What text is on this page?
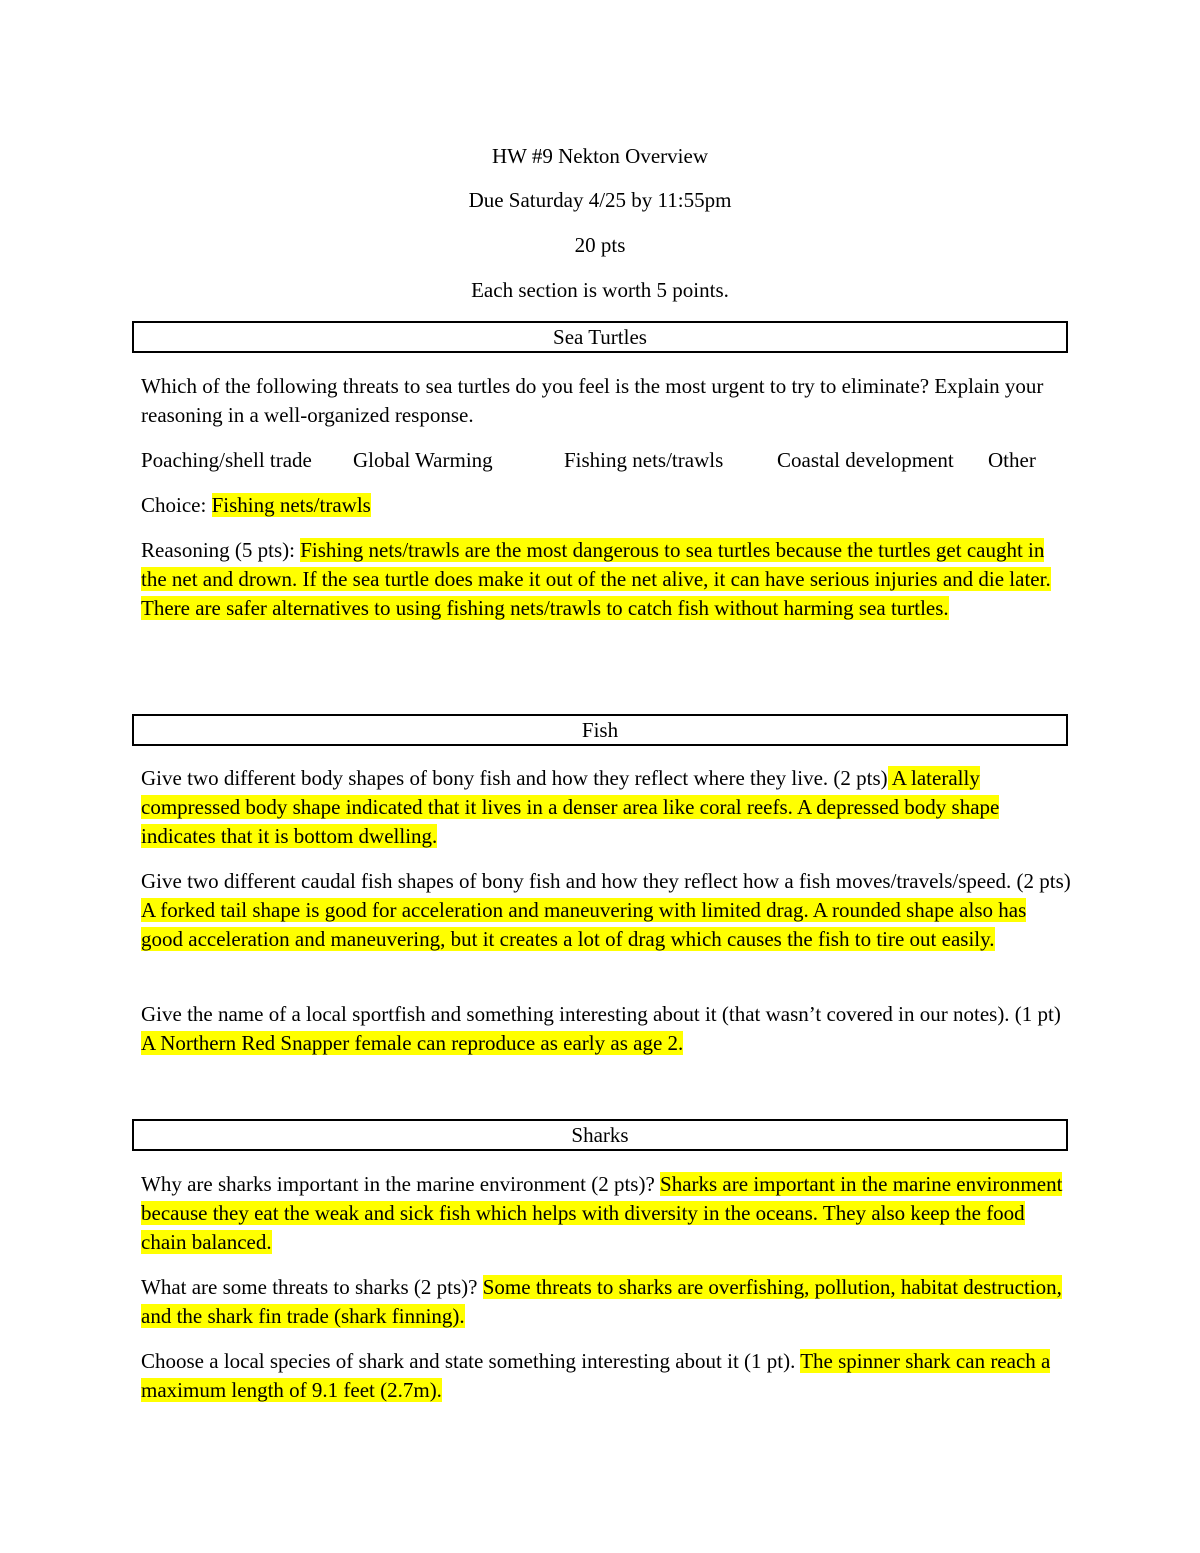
HW #9 Nekton Overview
Due Saturday 4/25 by 11:55pm
20 pts
Each section is worth 5 points.
Sea Turtles
Which of the following threats to sea turtles do you feel is the most urgent to try to eliminate? Explain your reasoning in a well-organized response.
Poaching/shell trade Global Warming	Fishing nets/trawls	Coastal development Other
Choice: Fishing nets/trawls
Reasoning (5 pts): Fishing nets/trawls are the most dangerous to sea turtles because the turtles get caught in the net and drown. If the sea turtle does make it out of the net alive, it can have serious injuries and die later. There are safer alternatives to using fishing nets/trawls to catch fish without harming sea turtles.
Fish
Give two different body shapes of bony fish and how they reflect where they live. (2 pts) A laterally compressed body shape indicated that it lives in a denser area like coral reefs. A depressed body shape indicates that it is bottom dwelling.
Give two different caudal fish shapes of bony fish and how they reflect how a fish moves/travels/speed. (2 pts) A forked tail shape is good for acceleration and maneuvering with limited drag. A rounded shape also has good acceleration and maneuvering, but it creates a lot of drag which causes the fish to tire out easily.
Give the name of a local sportfish and something interesting about it (that wasn’t covered in our notes). (1 pt) A Northern Red Snapper female can reproduce as early as age 2.
Sharks
Why are sharks important in the marine environment (2 pts)? Sharks are important in the marine environment because they eat the weak and sick fish which helps with diversity in the oceans. They also keep the food chain balanced.
What are some threats to sharks (2 pts)? Some threats to sharks are overfishing, pollution, habitat destruction, and the shark fin trade (shark finning).
Choose a local species of shark and state something interesting about it (1 pt). The spinner shark can reach a maximum length of 9.1 feet (2.7m).
